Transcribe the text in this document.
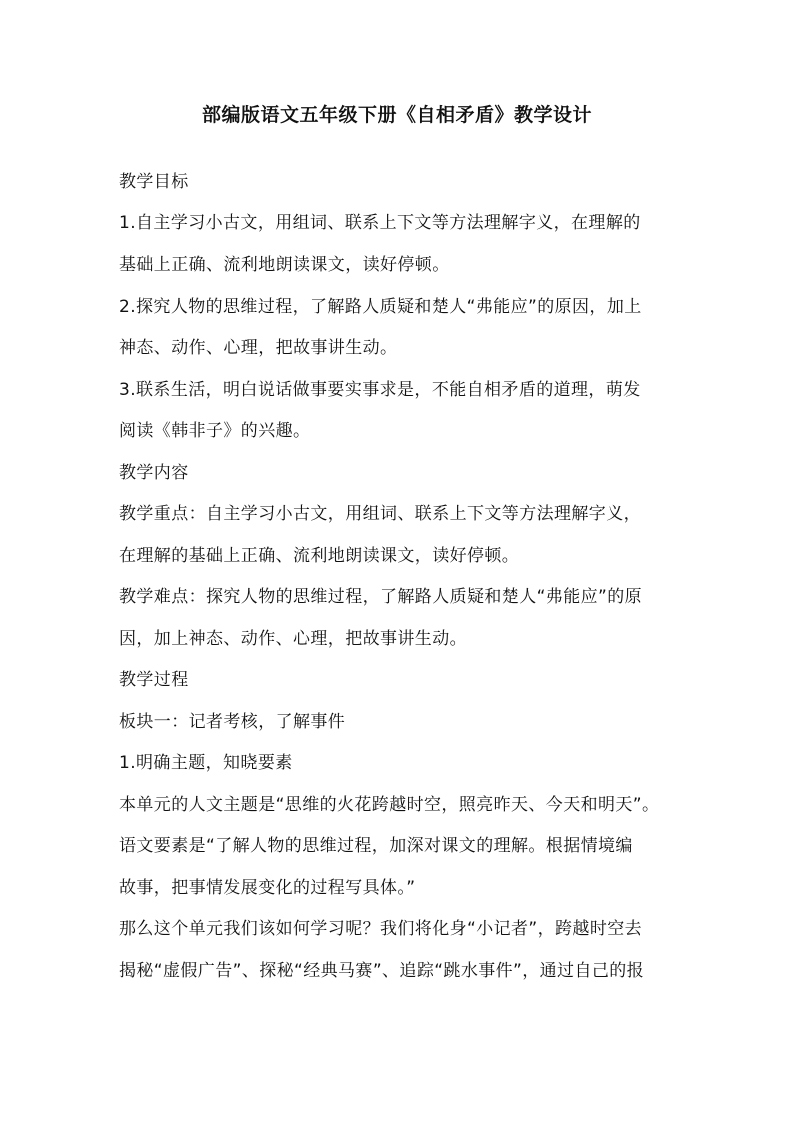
部编版语文五年级下册《自相矛盾》教学设计
教学目标
1.自主学习小古文，用组词、联系上下文等方法理解字义，在理解的
基础上正确、流利地朗读课文，读好停顿。
2.探究人物的思维过程，了解路人质疑和楚人“弗能应”的原因，加上
神态、动作、心理，把故事讲生动。
3.联系生活，明白说话做事要实事求是，不能自相矛盾的道理，萌发
阅读《韩非子》的兴趣。
教学内容
教学重点：自主学习小古文，用组词、联系上下文等方法理解字义，
在理解的基础上正确、流利地朗读课文，读好停顿。
教学难点：探究人物的思维过程，了解路人质疑和楚人“弗能应”的原
因，加上神态、动作、心理，把故事讲生动。
教学过程
板块一：记者考核，了解事件
1.明确主题，知晓要素
本单元的人文主题是“思维的火花跨越时空，照亮昨天、今天和明天”。
语文要素是“了解人物的思维过程，加深对课文的理解。根据情境编
故事，把事情发展变化的过程写具体。”
那么这个单元我们该如何学习呢？我们将化身“小记者”，跨越时空去
揭秘“虚假广告”、探秘“经典马赛”、追踪“跳水事件”，通过自己的报
